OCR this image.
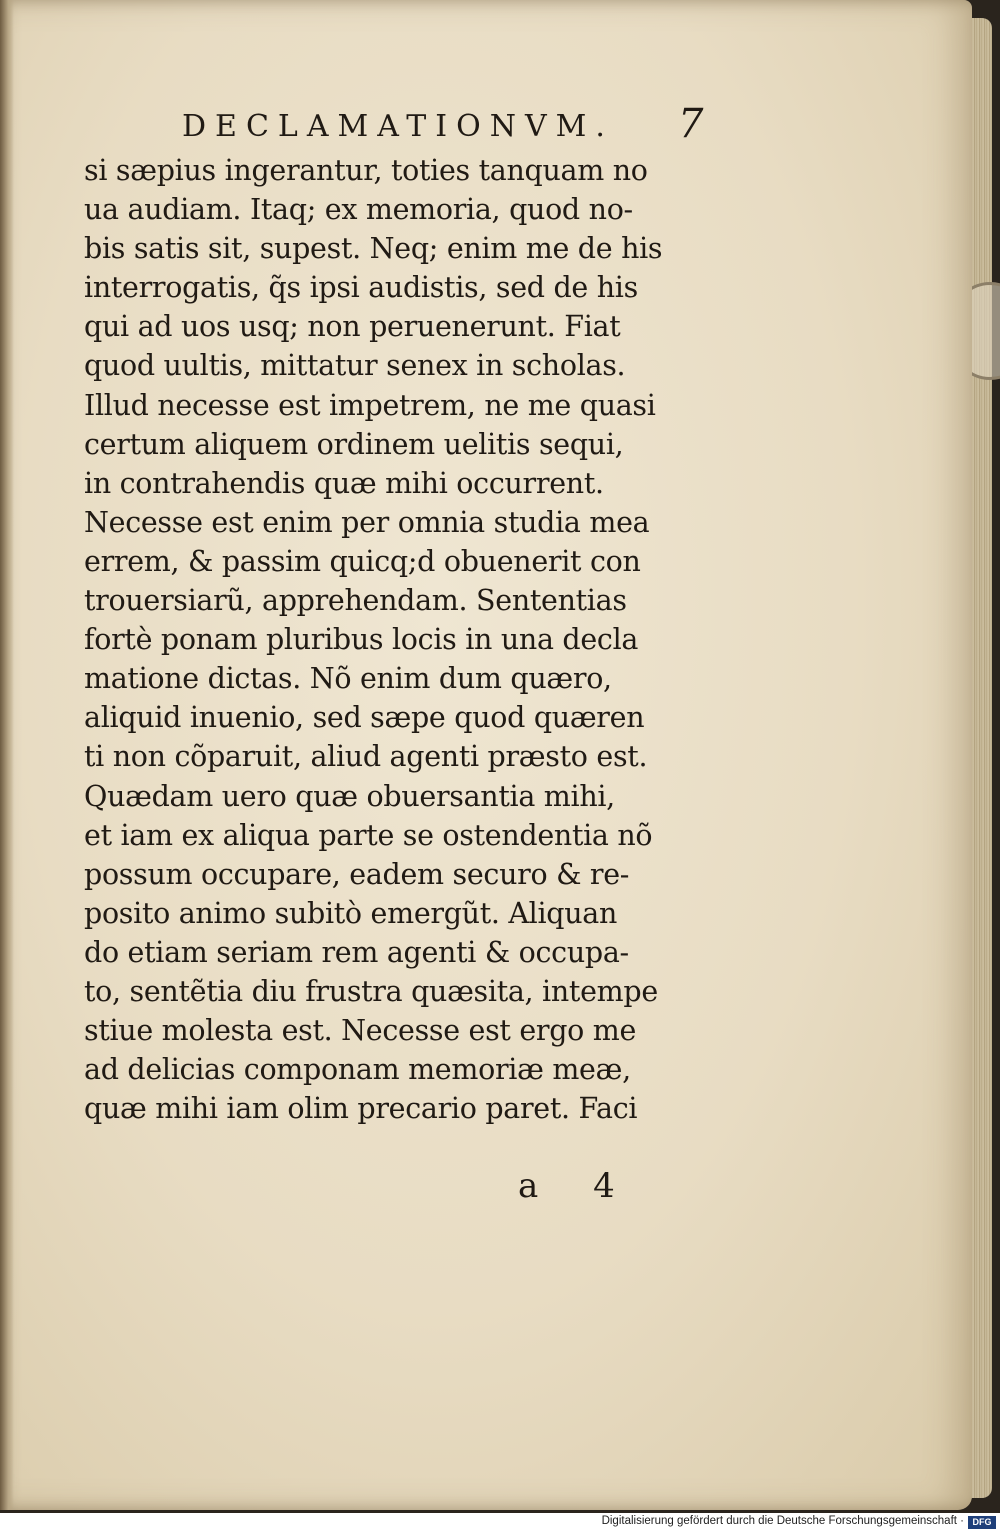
DECLAMATIONVM. 7
si sæpius ingerantur, toties tanquam no
ua audiam. Itaq; ex memoria, quod no-
bis satis sit, supest. Neq; enim me de his
interrogatis, q̃s ipsi audistis, sed de his
qui ad uos usq; non peruenerunt. Fiat
quod uultis, mittatur senex in scholas.
Illud necesse est impetrem, ne me quasi
certum aliquem ordinem uelitis sequi,
in contrahendis quæ mihi occurrent.
Necesse est enim per omnia studia mea
errem, & passim quicq;d obuenerit con
trouersiarũ, apprehendam. Sententias
fortè ponam pluribus locis in una decla
matione dictas. Nõ enim dum quæro,
aliquid inuenio, sed sæpe quod quæren
ti non cõparuit, aliud agenti præsto est.
Quædam uero quæ obuersantia mihi,
et iam ex aliqua parte se ostendentia nõ
possum occupare, eadem securo & re-
posito animo subitò emergũt. Aliquan
do etiam seriam rem agenti & occupa-
to, sentẽtia diu frustra quæsita, intempe
stiue molesta est. Necesse est ergo me
ad delicias componam memoriæ meæ,
quæ mihi iam olim precario paret. Faci
a 4
Digitalisierung gefördert durch die Deutsche Forschungsgemeinschaft · DFG
